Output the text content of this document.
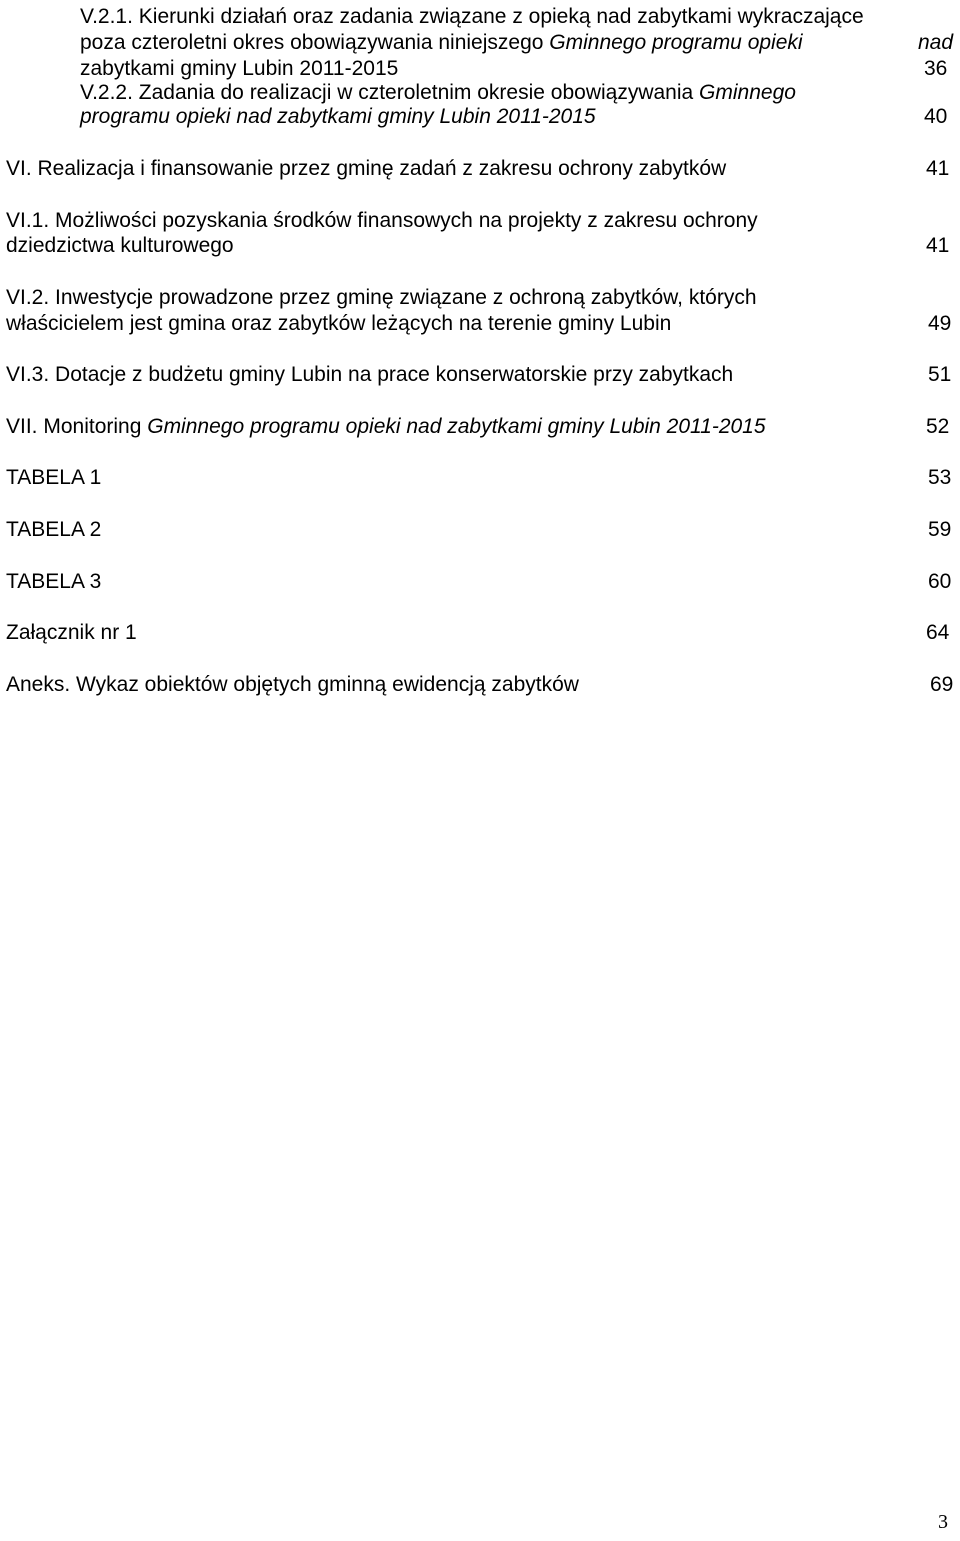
V.2.1. Kierunki działań oraz zadania związane z opieką nad zabytkami wykraczające
poza czteroletni okres obowiązywania niniejszego Gminnego programu opieki	nad
zabytkami gminy Lubin 2011-2015	36
V.2.2. Zadania do realizacji w czteroletnim okresie obowiązywania Gminnego
programu opieki nad zabytkami gminy Lubin 2011-2015	40
VI. Realizacja i finansowanie przez gminę zadań z zakresu ochrony zabytków	41
VI.1. Możliwości pozyskania środków finansowych na projekty z zakresu ochrony
dziedzictwa kulturowego	41
VI.2. Inwestycje prowadzone przez gminę związane z ochroną zabytków, których
właścicielem jest gmina oraz zabytków leżących na terenie gminy Lubin	49
VI.3. Dotacje z budżetu gminy Lubin na prace konserwatorskie przy zabytkach	51
VII. Monitoring Gminnego programu opieki nad zabytkami gminy Lubin 2011-2015	52
TABELA 1	53
TABELA 2	59
TABELA 3	60
Załącznik nr 1	64
Aneks. Wykaz obiektów objętych gminną ewidencją zabytków	69
3
